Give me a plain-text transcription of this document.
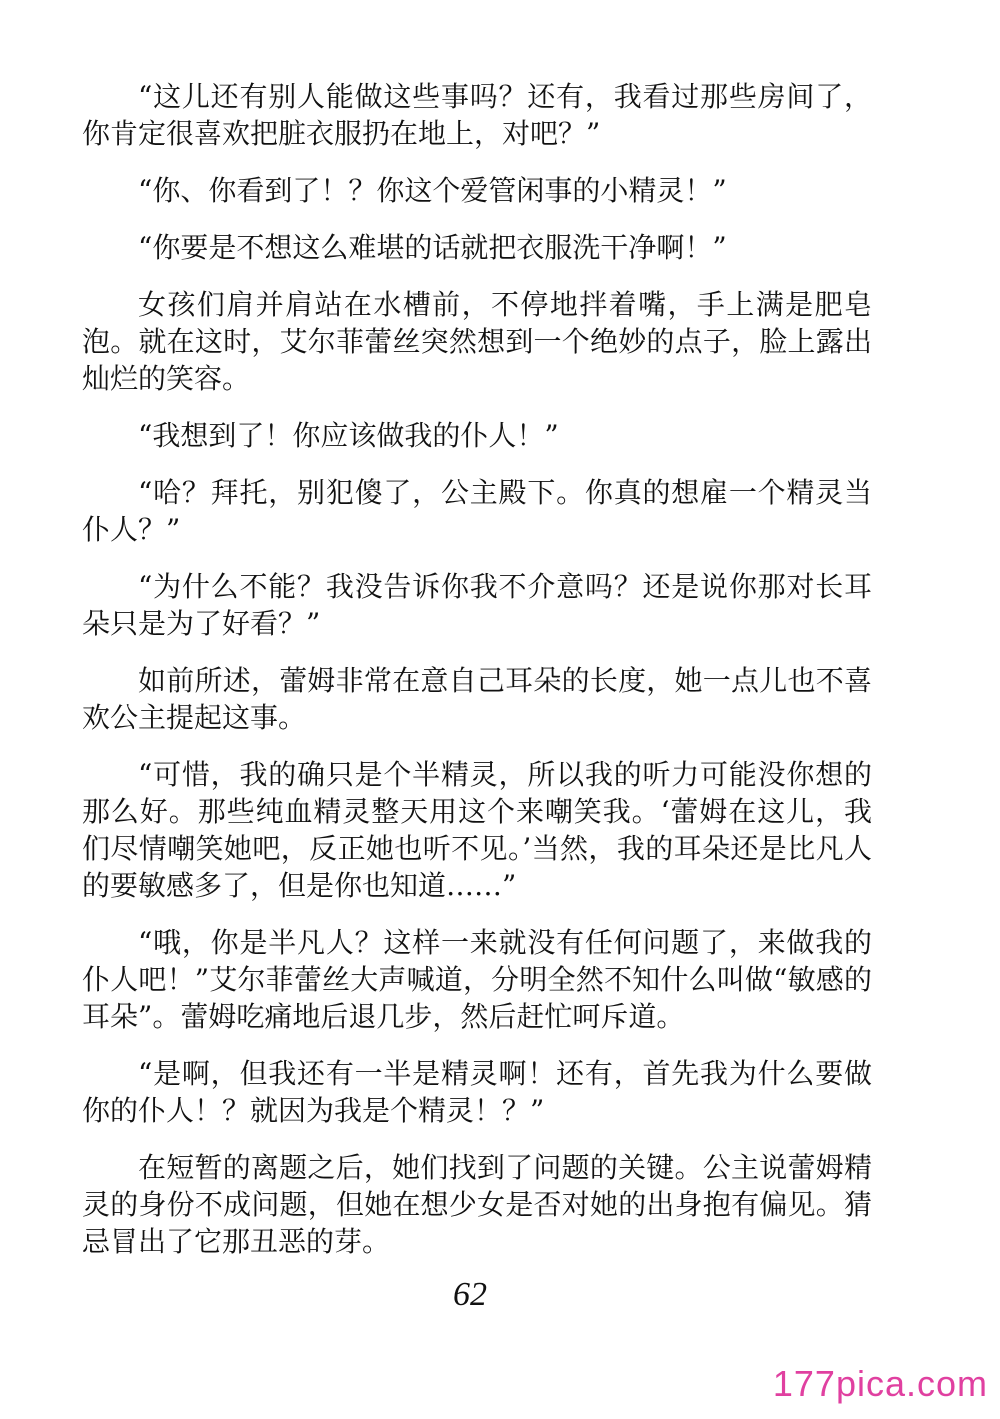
“这儿还有别人能做这些事吗？还有，我看过那些房间了，你肯定很喜欢把脏衣服扔在地上，对吧？”

“你、你看到了！？你这个爱管闲事的小精灵！”

“你要是不想这么难堪的话就把衣服洗干净啊！”

女孩们肩并肩站在水槽前，不停地拌着嘴，手上满是肥皂泡。就在这时，艾尔菲蕾丝突然想到一个绝妙的点子，脸上露出灿烂的笑容。

“我想到了！你应该做我的仆人！”

“哈？拜托，别犯傻了，公主殿下。你真的想雇一个精灵当仆人？”

“为什么不能？我没告诉你我不介意吗？还是说你那对长耳朵只是为了好看？”

如前所述，蕾姆非常在意自己耳朵的长度，她一点儿也不喜欢公主提起这事。

“可惜，我的确只是个半精灵，所以我的听力可能没你想的那么好。那些纯血精灵整天用这个来嘲笑我。‘蕾姆在这儿，我们尽情嘲笑她吧，反正她也听不见。’当然，我的耳朵还是比凡人的要敏感多了，但是你也知道……”

“哦，你是半凡人？这样一来就没有任何问题了，来做我的仆人吧！”艾尔菲蕾丝大声喊道，分明全然不知什么叫做“敏感的耳朵”。蕾姆吃痛地后退几步，然后赶忙呵斥道。

“是啊，但我还有一半是精灵啊！还有，首先我为什么要做你的仆人！？就因为我是个精灵！？”

在短暂的离题之后，她们找到了问题的关键。公主说蕾姆精灵的身份不成问题，但她在想少女是否对她的出身抱有偏见。猜忌冒出了它那丑恶的芽。

62
177pica.com
